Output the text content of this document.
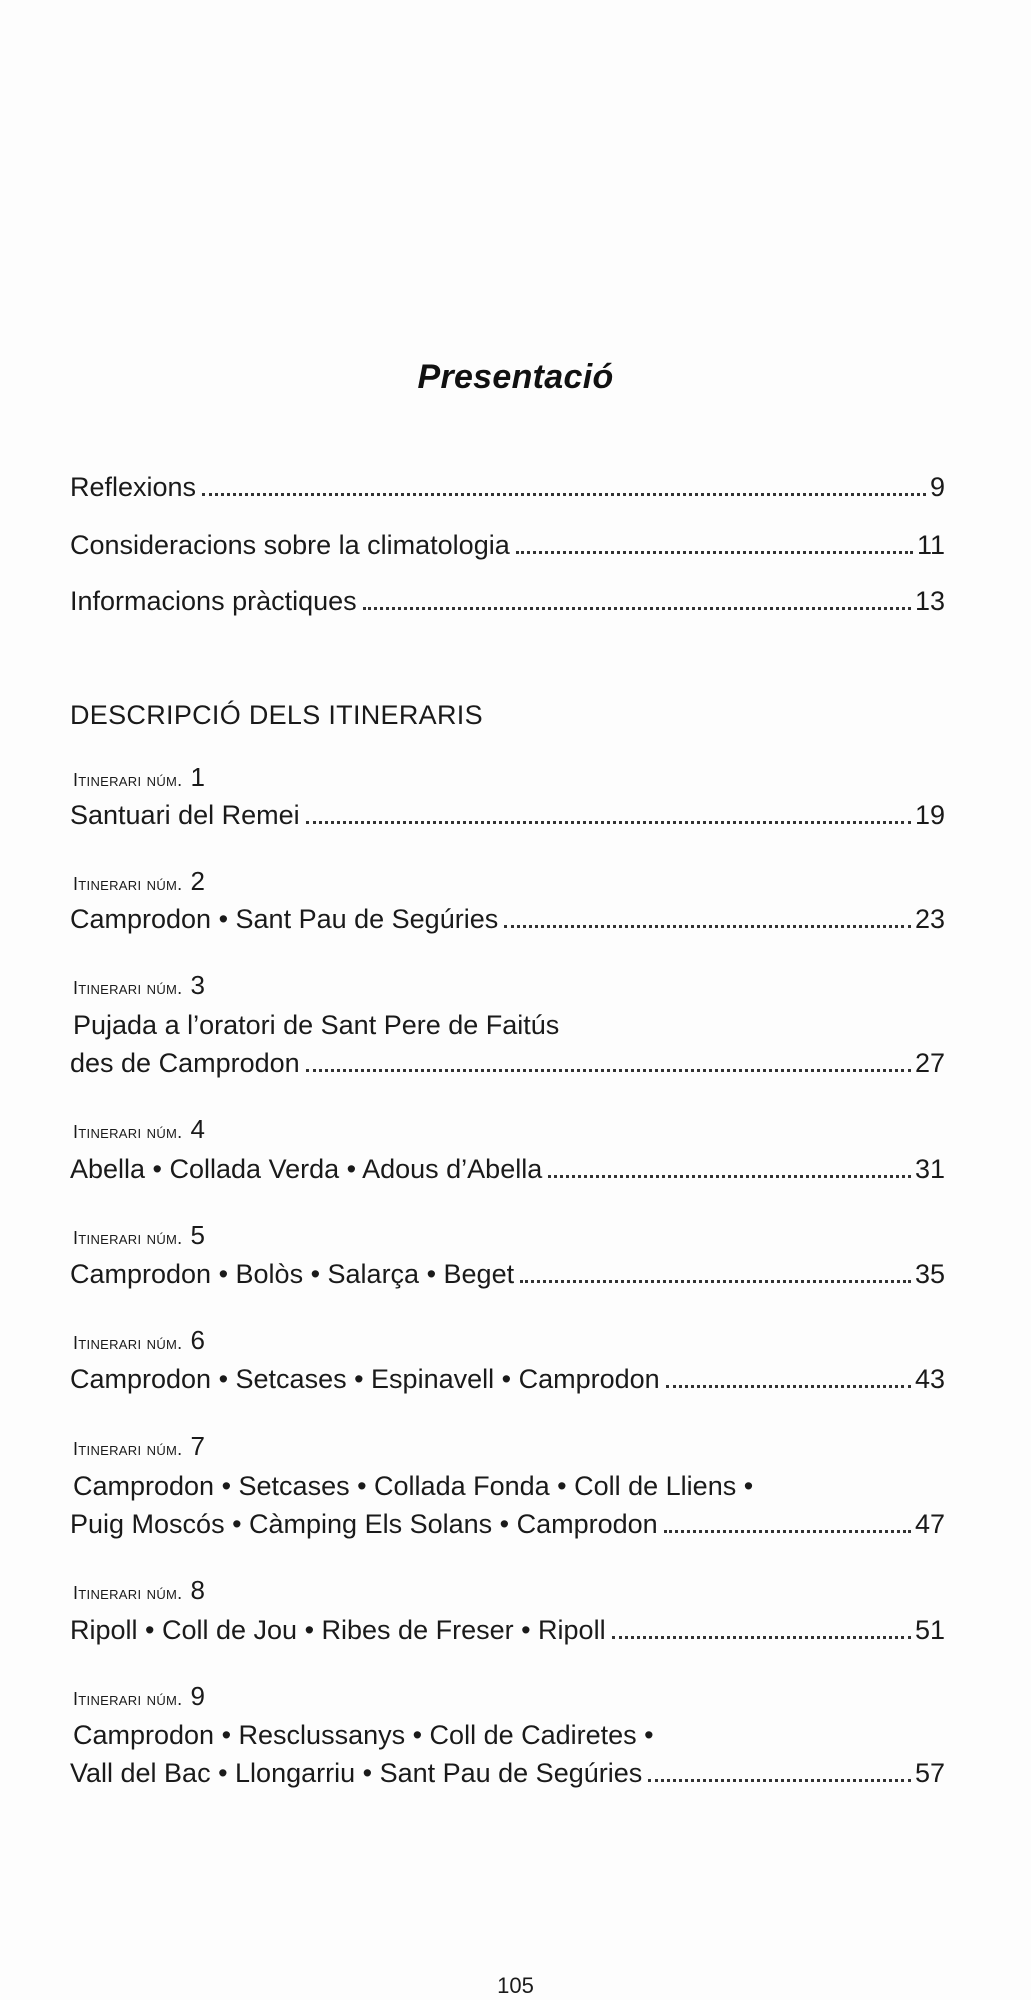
Presentació
Reflexions	9
Consideracions sobre la climatologia	11
Informacions pràctiques	13
DESCRIPCIÓ DELS ITINERARIS
Itinerari núm. 1
Santuari del Remei	19
Itinerari núm. 2
Camprodon • Sant Pau de Segúries	23
Itinerari núm. 3
Pujada a l’oratori de Sant Pere de Faitús
des de Camprodon	27
Itinerari núm. 4
Abella • Collada Verda • Adous d’Abella	31
Itinerari núm. 5
Camprodon • Bolòs • Salarça • Beget	35
Itinerari núm. 6
Camprodon • Setcases • Espinavell • Camprodon	43
Itinerari núm. 7
Camprodon • Setcases • Collada Fonda • Coll de Lliens •
Puig Moscós • Càmping Els Solans • Camprodon	47
Itinerari núm. 8
Ripoll • Coll de Jou • Ribes de Freser • Ripoll	51
Itinerari núm. 9
Camprodon • Resclussanys • Coll de Cadiretes •
Vall del Bac • Llongarriu • Sant Pau de Segúries	57
105
